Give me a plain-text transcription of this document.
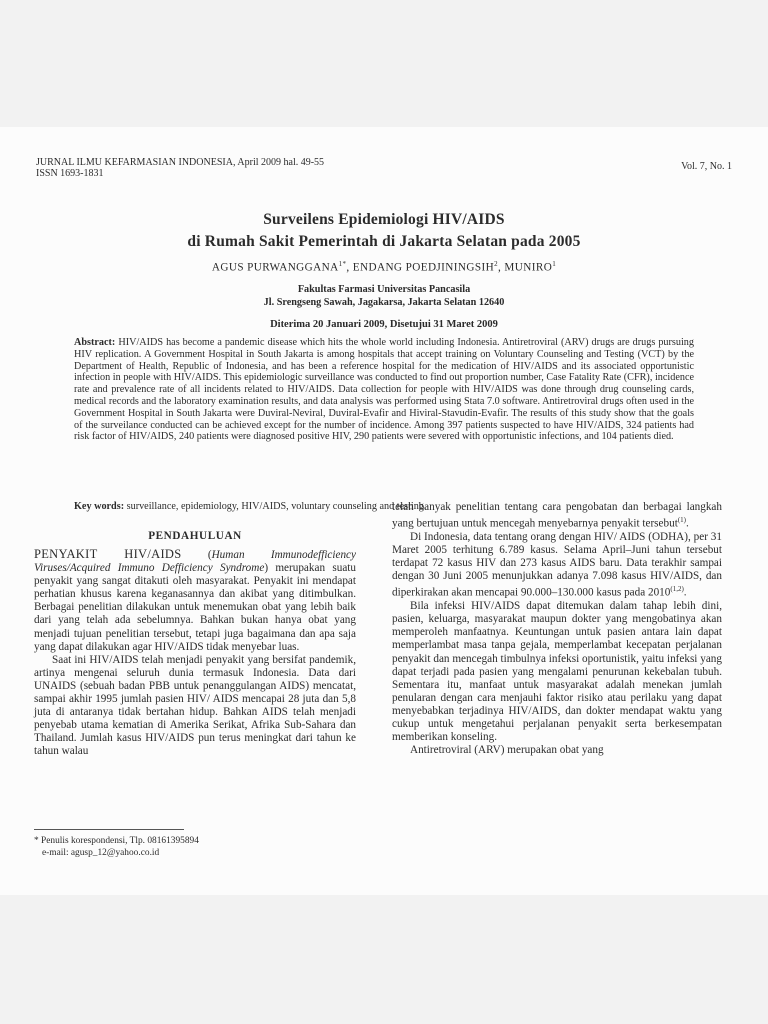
JURNAL ILMU KEFARMASIAN INDONESIA, April 2009 hal. 49-55
ISSN 1693-1831
Vol. 7, No. 1
Surveilens Epidemiologi HIV/AIDS
di Rumah Sakit Pemerintah di Jakarta Selatan pada 2005
AGUS $PURWANGGANA^{1*}$, ENDANG POEDJININGSIH$^2$, MUNIRO$^1$
Fakultas Farmasi Universitas Pancasila
Jl. Srengseng Sawah, Jagakarsa, Jakarta Selatan 12640
Diterima 20 Januari 2009, Disetujui 31 Maret 2009

Abstract: HIV/AIDS has become a pandemic disease which hits the whole world including Indonesia. Antiretroviral (ARV) drugs are drugs pursuing HIV replication. A Government Hospital in South Jakarta is among hospitals that accept training on Voluntary Counseling and Testing (VCT) by the Department of Health, Republic of Indonesia, and has been a reference hospital for the medication of HIV/AIDS and its associated opportunistic infection in people with HIV/AIDS. This epidemiologic surveillance was conducted to find out proportion number, Case Fatality Rate (CFR), incidence rate and prevalence rate of all incidents related to HIV/AIDS. Data collection for people with HIV/AIDS was done through drug counseling cards, medical records and the laboratory examination results, and data analysis was performed using Stata 7.0 software. Antiretroviral drugs often used in the Government Hospital in South Jakarta were Duviral-Neviral, Duviral-Evafir and Hiviral-Stavudin-Evafir. The results of this study show that the goals of the surveilance conducted can be achieved except for the number of incidence. Among 397 patients suspected to have HIV/AIDS, 324 patients had risk factor of HIV/AIDS, 240 patients were diagnosed positive HIV, 290 patients were severed with opportunistic infections, and 104 patients died.

Key words: surveillance, epidemiology, HIV/AIDS, voluntary counseling and testing.

PENDAHULUAN

PENYAKIT HIV/AIDS (Human Immunodefficiency Viruses/Acquired Immuno Defficiency Syndrome) merupakan suatu penyakit yang sangat ditakuti oleh masyarakat. Penyakit ini mendapat perhatian khusus karena keganasannya dan akibat yang ditimbulkan. Berbagai penelitian dilakukan untuk menemukan obat yang lebih baik dari yang telah ada sebelumnya. Bahkan bukan hanya obat yang menjadi tujuan penelitian tersebut, tetapi juga bagaimana dan apa saja yang dapat dilakukan agar HIV/AIDS tidak menyebar luas.

Saat ini HIV/AIDS telah menjadi penyakit yang bersifat pandemik, artinya mengenai seluruh dunia termasuk Indonesia. Data dari UNAIDS (sebuah badan PBB untuk penanggulangan AIDS) mencatat, sampai akhir 1995 jumlah pasien HIV/ AIDS mencapai 28 juta dan 5,8 juta di antaranya tidak bertahan hidup. Bahkan AIDS telah menjadi penyebab utama kematian di Amerika Serikat, Afrika Sub-Sahara dan Thailand. Jumlah kasus HIV/AIDS pun terus meningkat dari tahun ke tahun walau

telah banyak penelitian tentang cara pengobatan dan berbagai langkah yang bertujuan untuk mencegah menyebarnya penyakit tersebut$^{(1)}$.

Di Indonesia, data tentang orang dengan HIV/ AIDS (ODHA), per 31 Maret 2005 terhitung 6.789 kasus. Selama April–Juni tahun tersebut terdapat 72 kasus HIV dan 273 kasus AIDS baru. Data terakhir sampai dengan 30 Juni 2005 menunjukkan adanya 7.098 kasus HIV/AIDS, dan diperkirakan akan mencapai 90.000–130.000 kasus pada 2010$^{(1,2)}$.

Bila infeksi HIV/AIDS dapat ditemukan dalam tahap lebih dini, pasien, keluarga, masyarakat maupun dokter yang mengobatinya akan memperoleh manfaatnya. Keuntungan untuk pasien antara lain dapat memperlambat masa tanpa gejala, memperlambat kecepatan perjalanan penyakit dan mencegah timbulnya infeksi oportunistik, yaitu infeksi yang dapat terjadi pada pasien yang mengalami penurunan kekebalan tubuh. Sementara itu, manfaat untuk masyarakat adalah menekan jumlah penularan dengan cara menjauhi faktor risiko atau perilaku yang dapat menyebabkan terjadinya HIV/AIDS, dan dokter mendapat waktu yang cukup untuk mengetahui perjalanan penyakit serta berkesempatan memberikan konseling.

Antiretroviral (ARV) merupakan obat yang

* Penulis korespondensi, Tlp. 08161395894
e-mail: agusp_12@yahoo.co.id
